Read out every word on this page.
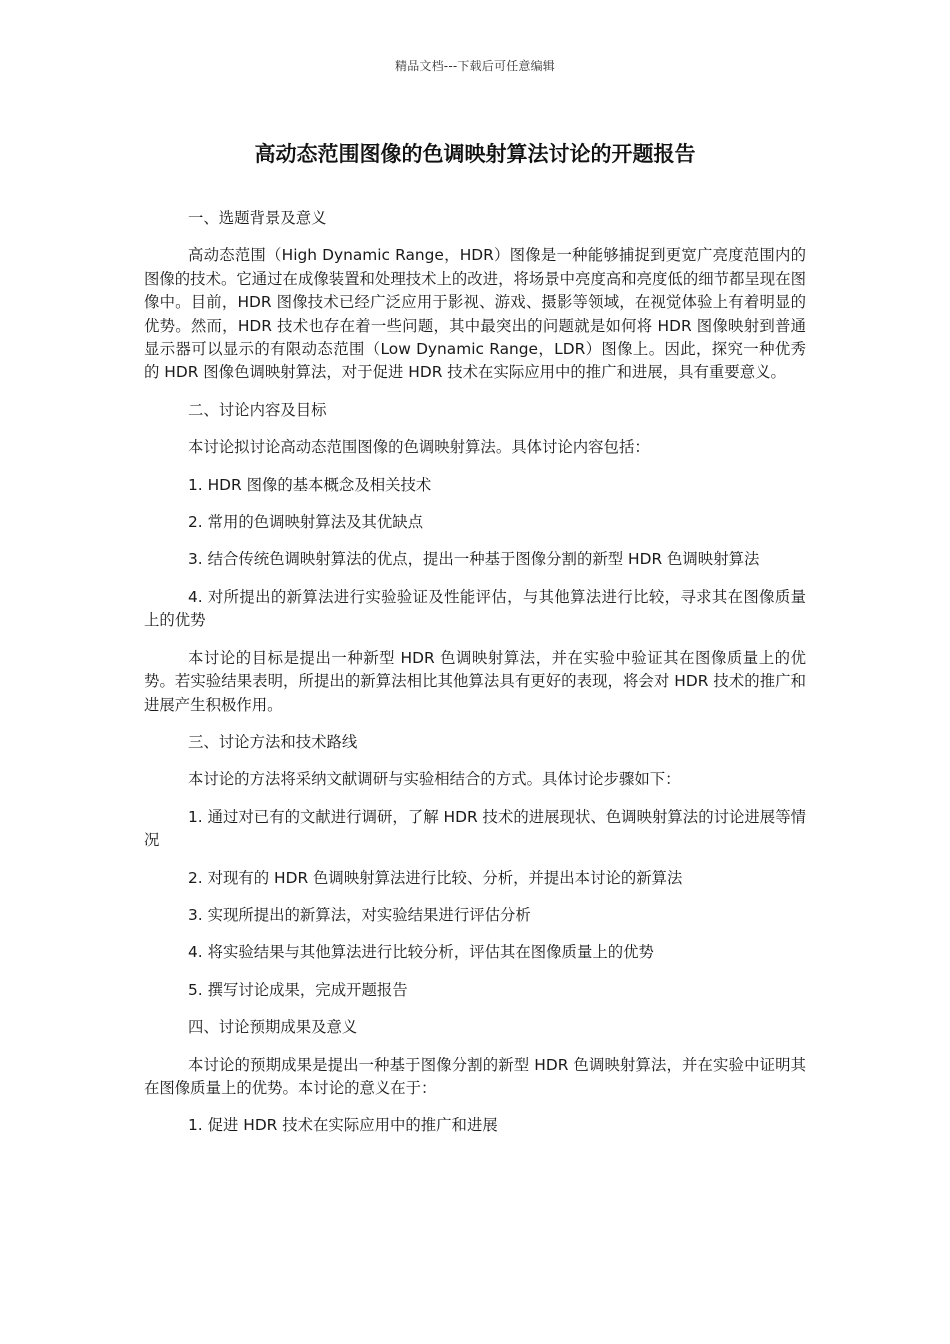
精品文档---下载后可任意编辑
高动态范围图像的色调映射算法讨论的开题报告

一、选题背景及意义

高动态范围（High Dynamic Range，HDR）图像是一种能够捕捉到更宽广亮度范围内的图像的技术。它通过在成像装置和处理技术上的改进，将场景中亮度高和亮度低的细节都呈现在图像中。目前，HDR 图像技术已经广泛应用于影视、游戏、摄影等领域，在视觉体验上有着明显的优势。然而，HDR 技术也存在着一些问题，其中最突出的问题就是如何将 HDR 图像映射到普通显示器可以显示的有限动态范围（Low Dynamic Range，LDR）图像上。因此，探究一种优秀的 HDR 图像色调映射算法，对于促进 HDR 技术在实际应用中的推广和进展，具有重要意义。

二、讨论内容及目标

本讨论拟讨论高动态范围图像的色调映射算法。具体讨论内容包括：

1. HDR 图像的基本概念及相关技术

2. 常用的色调映射算法及其优缺点

3. 结合传统色调映射算法的优点，提出一种基于图像分割的新型 HDR 色调映射算法

4. 对所提出的新算法进行实验验证及性能评估，与其他算法进行比较，寻求其在图像质量上的优势

本讨论的目标是提出一种新型 HDR 色调映射算法，并在实验中验证其在图像质量上的优势。若实验结果表明，所提出的新算法相比其他算法具有更好的表现，将会对 HDR 技术的推广和进展产生积极作用。

三、讨论方法和技术路线

本讨论的方法将采纳文献调研与实验相结合的方式。具体讨论步骤如下：

1. 通过对已有的文献进行调研，了解 HDR 技术的进展现状、色调映射算法的讨论进展等情况

2. 对现有的 HDR 色调映射算法进行比较、分析，并提出本讨论的新算法

3. 实现所提出的新算法，对实验结果进行评估分析

4. 将实验结果与其他算法进行比较分析，评估其在图像质量上的优势

5. 撰写讨论成果，完成开题报告

四、讨论预期成果及意义

本讨论的预期成果是提出一种基于图像分割的新型 HDR 色调映射算法，并在实验中证明其在图像质量上的优势。本讨论的意义在于：

1. 促进 HDR 技术在实际应用中的推广和进展
